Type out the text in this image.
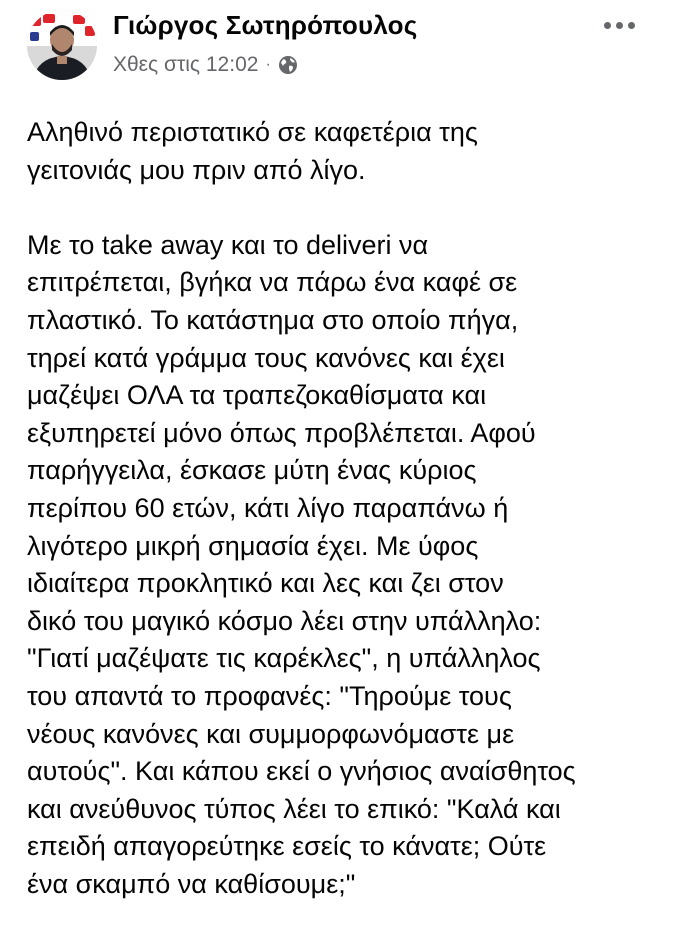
Γιώργος Σωτηρόπουλος
Χθες στις 12:02 ·

Αληθινό περιστατικό σε καφετέρια της

γειτονιάς μου πριν από λίγο.

Με το take away και το deliveri να

επιτρέπεται, βγήκα να πάρω ένα καφέ σε

πλαστικό. Το κατάστημα στο οποίο πήγα,

τηρεί κατά γράμμα τους κανόνες και έχει

μαζέψει ΟΛΑ τα τραπεζοκαθίσματα και

εξυπηρετεί μόνο όπως προβλέπεται. Αφού

παρήγγειλα, έσκασε μύτη ένας κύριος

περίπου 60 ετών, κάτι λίγο παραπάνω ή

λιγότερο μικρή σημασία έχει. Με ύφος

ιδιαίτερα προκλητικό και λες και ζει στον

δικό του μαγικό κόσμο λέει στην υπάλληλο:

"Γιατί μαζέψατε τις καρέκλες", η υπάλληλος

του απαντά το προφανές: "Τηρούμε τους

νέους κανόνες και συμμορφωνόμαστε με

αυτούς". Και κάπου εκεί ο γνήσιος αναίσθητος

και ανεύθυνος τύπος λέει το επικό: "Καλά και

επειδή απαγορεύτηκε εσείς το κάνατε; Ούτε

ένα σκαμπό να καθίσουμε;"
